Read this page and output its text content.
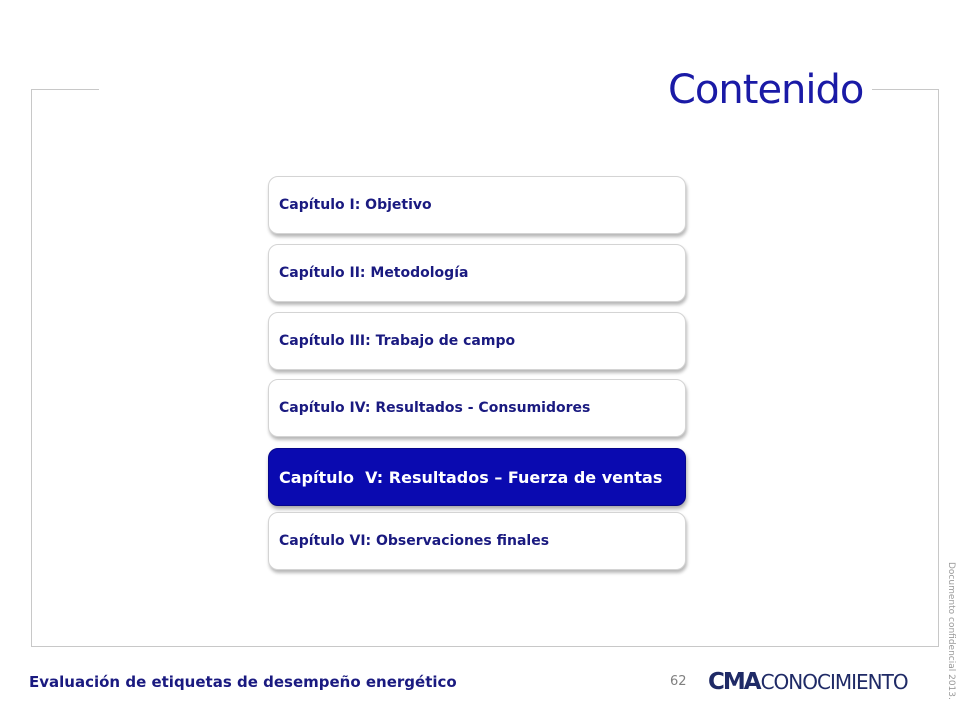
Contenido
Capítulo I: Objetivo
Capítulo II: Metodología
Capítulo III: Trabajo de campo
Capítulo IV: Resultados - Consumidores
Capítulo  V: Resultados – Fuerza de ventas
Capítulo VI: Observaciones finales
Evaluación de etiquetas de desempeño energético	62 CMACONOCIMIENTO	Documento confidencial 2013.
